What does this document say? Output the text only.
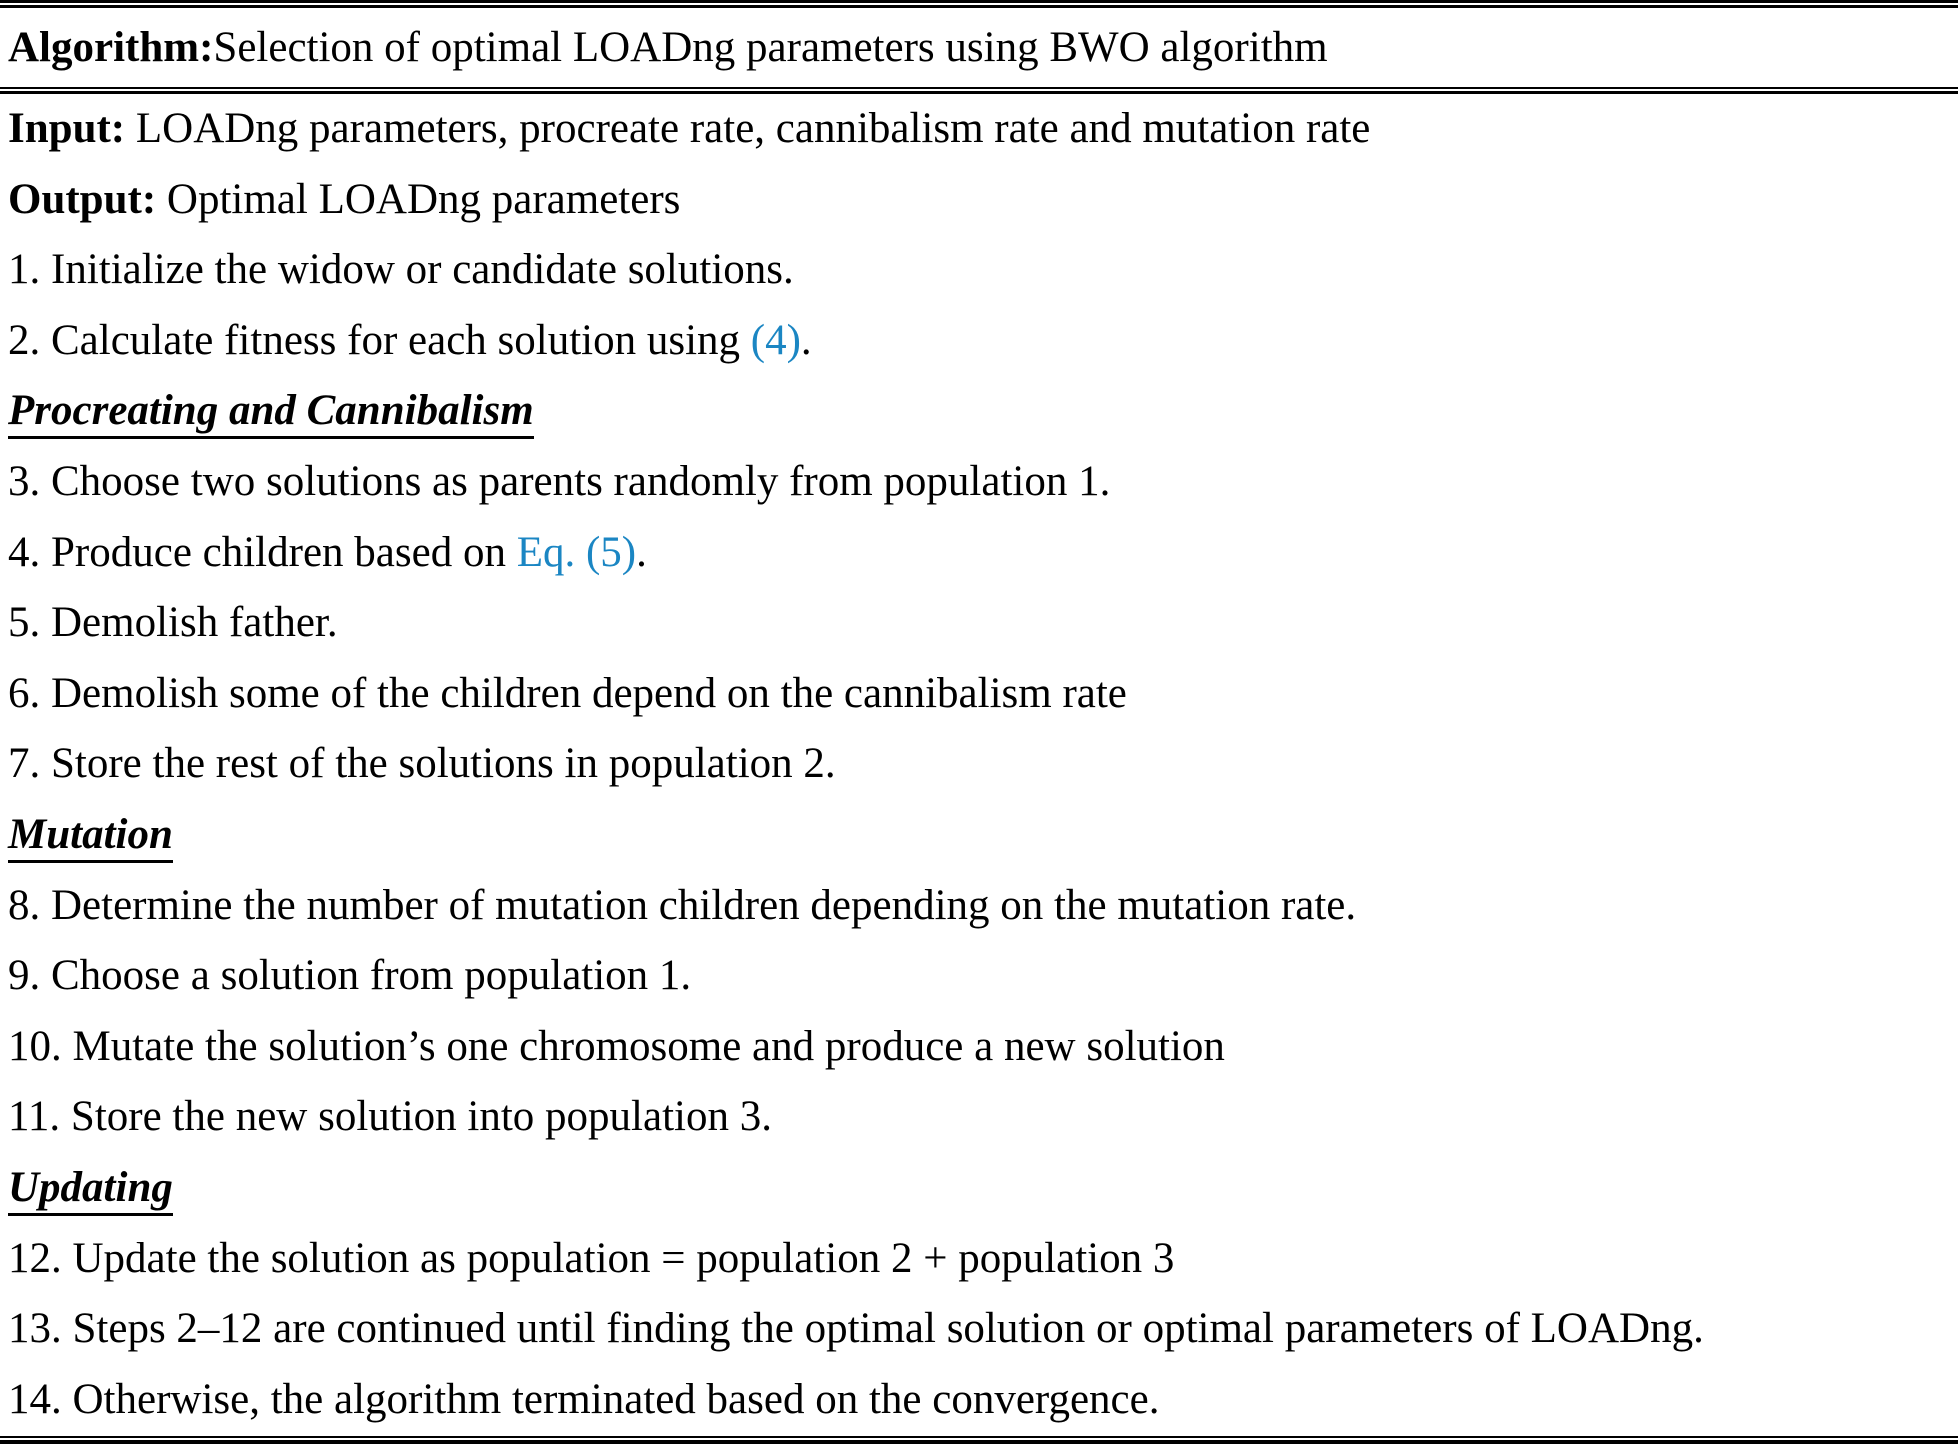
Algorithm: Selection of optimal LOADng parameters using BWO algorithm
Input: LOADng parameters, procreate rate, cannibalism rate and mutation rate
Output: Optimal LOADng parameters
1. Initialize the widow or candidate solutions.
2. Calculate fitness for each solution using (4).
Procreating and Cannibalism
3. Choose two solutions as parents randomly from population 1.
4. Produce children based on Eq. (5).
5. Demolish father.
6. Demolish some of the children depend on the cannibalism rate
7. Store the rest of the solutions in population 2.
Mutation
8. Determine the number of mutation children depending on the mutation rate.
9. Choose a solution from population 1.
10. Mutate the solution’s one chromosome and produce a new solution
11. Store the new solution into population 3.
Updating
12. Update the solution as population = population 2 + population 3
13. Steps 2–12 are continued until finding the optimal solution or optimal parameters of LOADng.
14. Otherwise, the algorithm terminated based on the convergence.
